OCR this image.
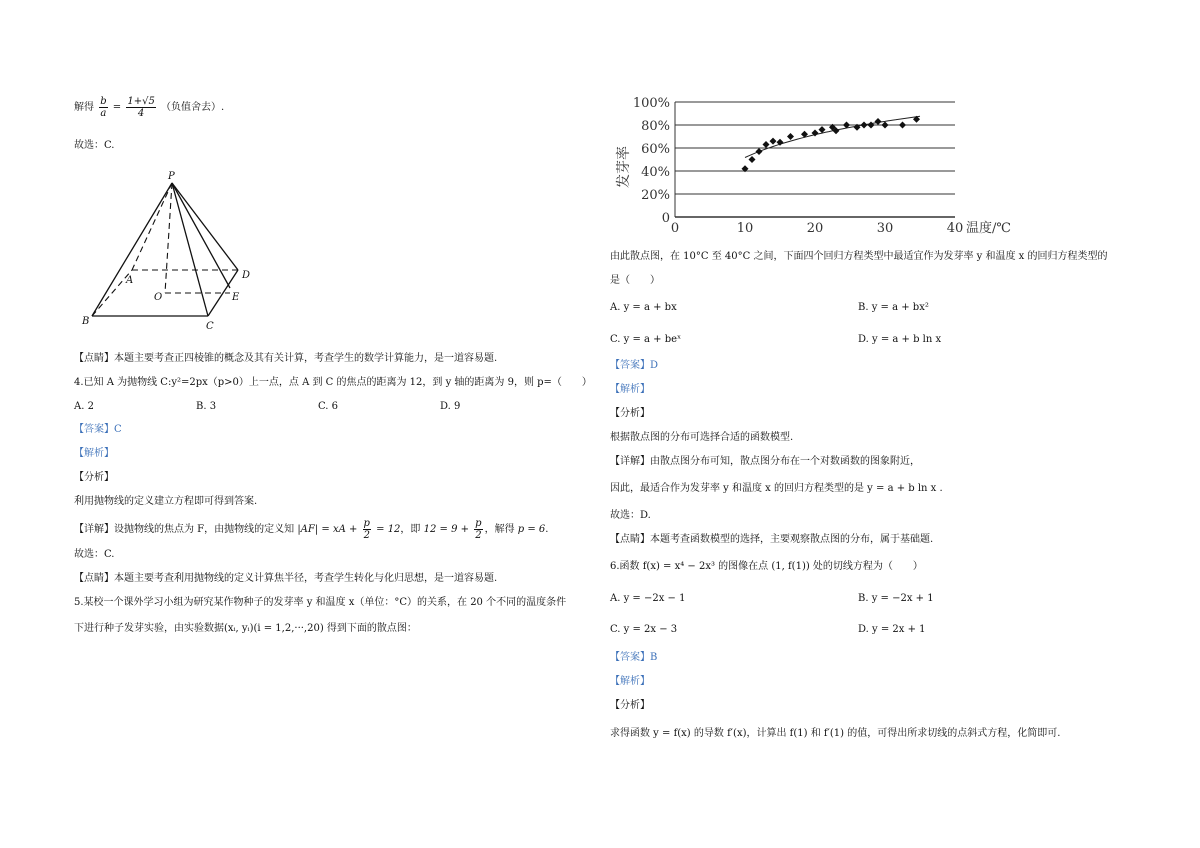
解得 $\frac{b}{a} = \frac{1+√5}{4}$ （负值舍去）.
故选：C.
P
A	D
O	E
B	C
【点睛】本题主要考查正四棱锥的概念及其有关计算，考查学生的数学计算能力，是一道容易题.
4.已知 A 为抛物线 C:y²=2px（p>0）上一点，点 A 到 C 的焦点的距离为 12，到 y 轴的距离为 9，则 p=（　　）
A. 2	B. 3	C. 6	D. 9
【答案】C
【解析】
【分析】
利用抛物线的定义建立方程即可得到答案.
【详解】设抛物线的焦点为 F，由抛物线的定义知 |AF| = xA + $\frac{p}{2} = 12$，即 $12 = 9 + \frac{p}{2}$ ，解得 p = 6.
故选：C.
【点睛】本题主要考查利用抛物线的定义计算焦半径，考查学生转化与化归思想，是一道容易题.
5.某校一个课外学习小组为研究某作物种子的发芽率 y 和温度 x（单位：°C）的关系，在 20 个不同的温度条件
下进行种子发芽实验，由实验数据(xᵢ, yᵢ)(i = 1,2,···,20) 得到下面的散点图：
0
20%
40%
60%
80%
100%
0	10	20	30	40
发芽率
温度/℃
由此散点图，在 10°C 至 40°C 之间，下面四个回归方程类型中最适宜作为发芽率 y 和温度 x 的回归方程类型的
是（　　）
A. y = a + bx	B. y = a + bx²
C. y = a + beˣ	D. y = a + b ln x
【答案】D
【解析】
【分析】
根据散点图的分布可选择合适的函数模型.
【详解】由散点图分布可知，散点图分布在一个对数函数的图象附近，
因此，最适合作为发芽率 y 和温度 x 的回归方程类型的是 y = a + b ln x .
故选：D.
【点睛】本题考查函数模型的选择，主要观察散点图的分布，属于基础题.
6.函数 f(x) = x⁴ − 2x³ 的图像在点 (1, f(1)) 处的切线方程为（　　）
A. y = −2x − 1	B. y = −2x + 1
C. y = 2x − 3	D. y = 2x + 1
【答案】B
【解析】
【分析】
求得函数 y = f(x) 的导数 f′(x)，计算出 f(1) 和 f′(1) 的值，可得出所求切线的点斜式方程，化简即可.
